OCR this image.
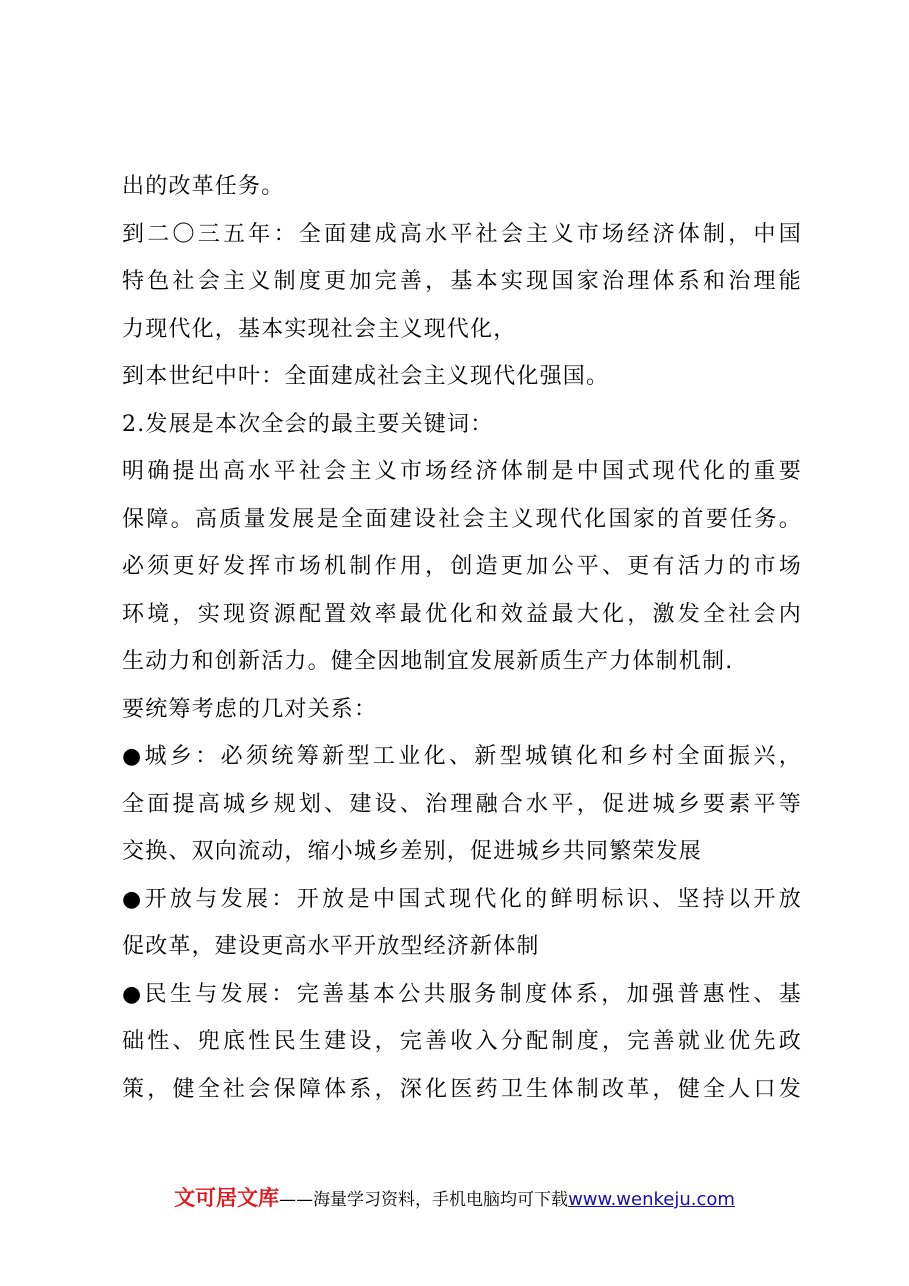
出的改革任务。
到二〇三五年：全面建成高水平社会主义市场经济体制，中国
特色社会主义制度更加完善，基本实现国家治理体系和治理能
力现代化，基本实现社会主义现代化，
到本世纪中叶：全面建成社会主义现代化强国。
2.发展是本次全会的最主要关键词：
明确提出高水平社会主义市场经济体制是中国式现代化的重要
保障。高质量发展是全面建设社会主义现代化国家的首要任务。
必须更好发挥市场机制作用，创造更加公平、更有活力的市场
环境，实现资源配置效率最优化和效益最大化，激发全社会内
生动力和创新活力。健全因地制宜发展新质生产力体制机制.
要统筹考虑的几对关系：
●城乡：必须统筹新型工业化、新型城镇化和乡村全面振兴，
全面提高城乡规划、建设、治理融合水平，促进城乡要素平等
交换、双向流动，缩小城乡差别，促进城乡共同繁荣发展
●开放与发展：开放是中国式现代化的鲜明标识、坚持以开放
促改革，建设更高水平开放型经济新体制
●民生与发展：完善基本公共服务制度体系，加强普惠性、基
础性、兜底性民生建设，完善收入分配制度，完善就业优先政
策，健全社会保障体系，深化医药卫生体制改革，健全人口发
文可居文库——海量学习资料，手机电脑均可下载www.wenkeju.com
